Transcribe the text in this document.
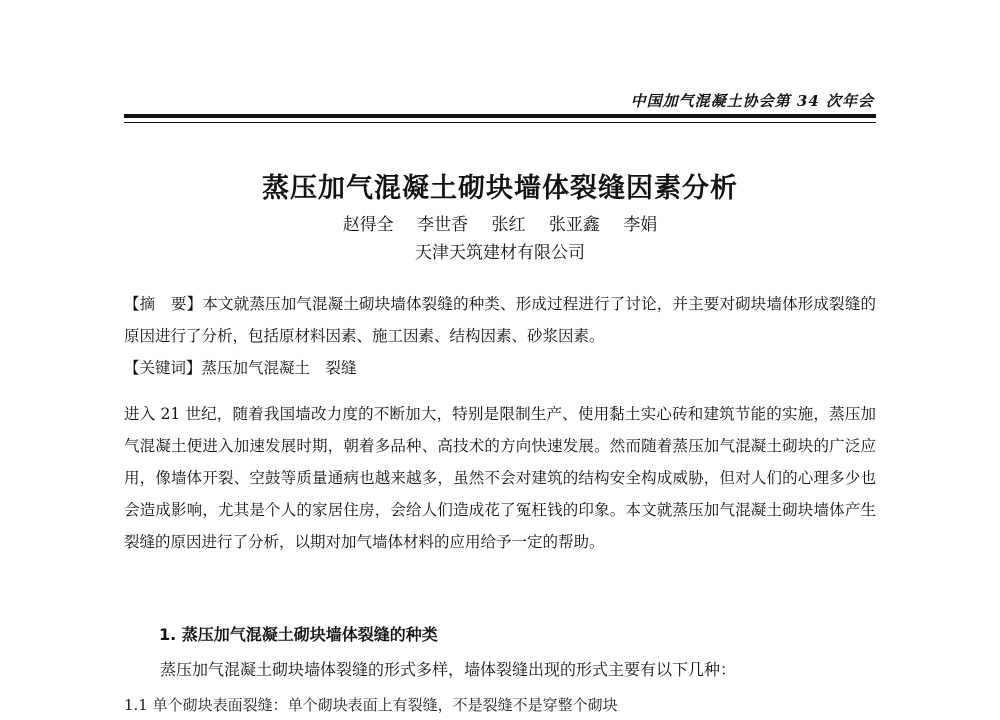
中国加气混凝土协会第 34 次年会
蒸压加气混凝土砌块墙体裂缝因素分析
赵得全 李世香 张红 张亚鑫 李娟
天津天筑建材有限公司
【摘　要】本文就蒸压加气混凝土砌块墙体裂缝的种类、形成过程进行了讨论，并主要对砌块墙体形成裂缝的原因进行了分析，包括原材料因素、施工因素、结构因素、砂浆因素。
【关键词】蒸压加气混凝土　裂缝
进入 21 世纪，随着我国墙改力度的不断加大，特别是限制生产、使用黏土实心砖和建筑节能的实施，蒸压加气混凝土便进入加速发展时期，朝着多品种、高技术的方向快速发展。然而随着蒸压加气混凝土砌块的广泛应用，像墙体开裂、空鼓等质量通病也越来越多，虽然不会对建筑的结构安全构成威胁，但对人们的心理多少也会造成影响，尤其是个人的家居住房，会给人们造成花了冤枉钱的印象。本文就蒸压加气混凝土砌块墙体产生裂缝的原因进行了分析，以期对加气墙体材料的应用给予一定的帮助。
1. 蒸压加气混凝土砌块墙体裂缝的种类
蒸压加气混凝土砌块墙体裂缝的形式多样，墙体裂缝出现的形式主要有以下几种：
1.1 单个砌块表面裂缝：单个砌块表面上有裂缝，不是裂缝不是穿整个砌块
